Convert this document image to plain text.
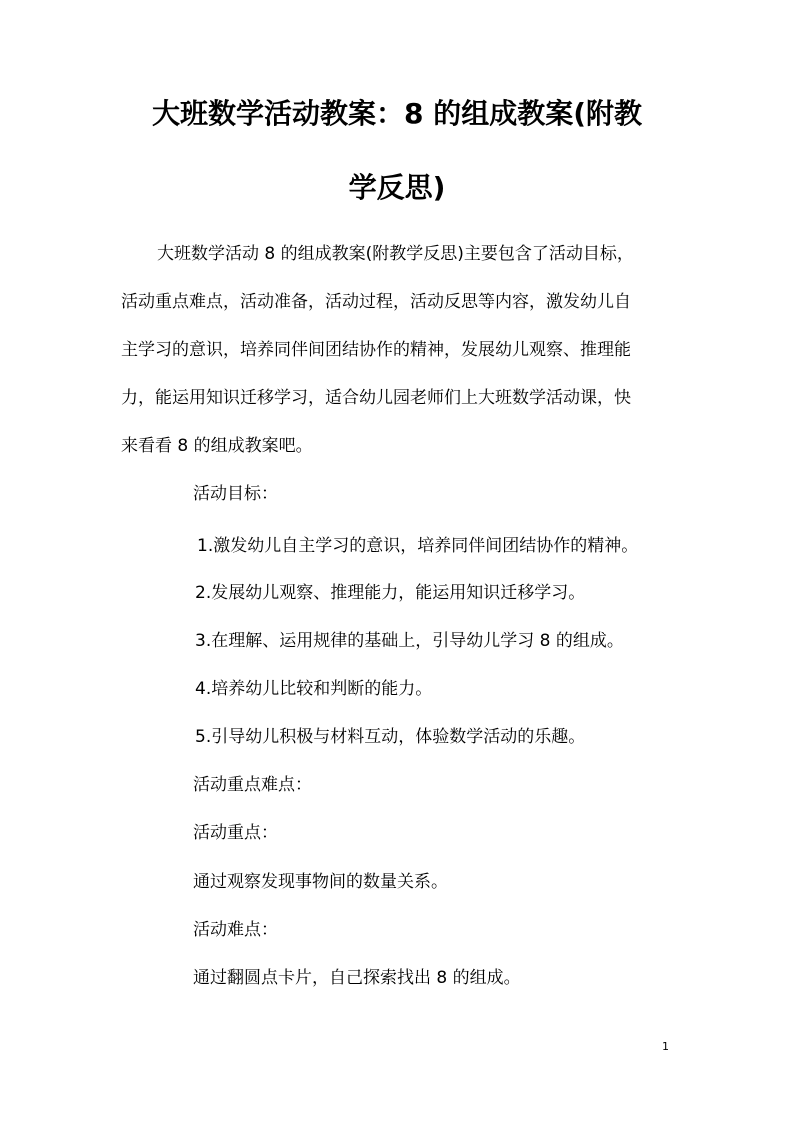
大班数学活动教案：8 的组成教案(附教
学反思)
大班数学活动 8 的组成教案(附教学反思)主要包含了活动目标，
活动重点难点，活动准备，活动过程，活动反思等内容，激发幼儿自
主学习的意识，培养同伴间团结协作的精神，发展幼儿观察、推理能
力，能运用知识迁移学习，适合幼儿园老师们上大班数学活动课，快
来看看 8 的组成教案吧。
活动目标：
1.激发幼儿自主学习的意识，培养同伴间团结协作的精神。
2.发展幼儿观察、推理能力，能运用知识迁移学习。
3.在理解、运用规律的基础上，引导幼儿学习 8 的组成。
4.培养幼儿比较和判断的能力。
5.引导幼儿积极与材料互动，体验数学活动的乐趣。
活动重点难点：
活动重点：
通过观察发现事物间的数量关系。
活动难点：
通过翻圆点卡片，自己探索找出 8 的组成。
1
